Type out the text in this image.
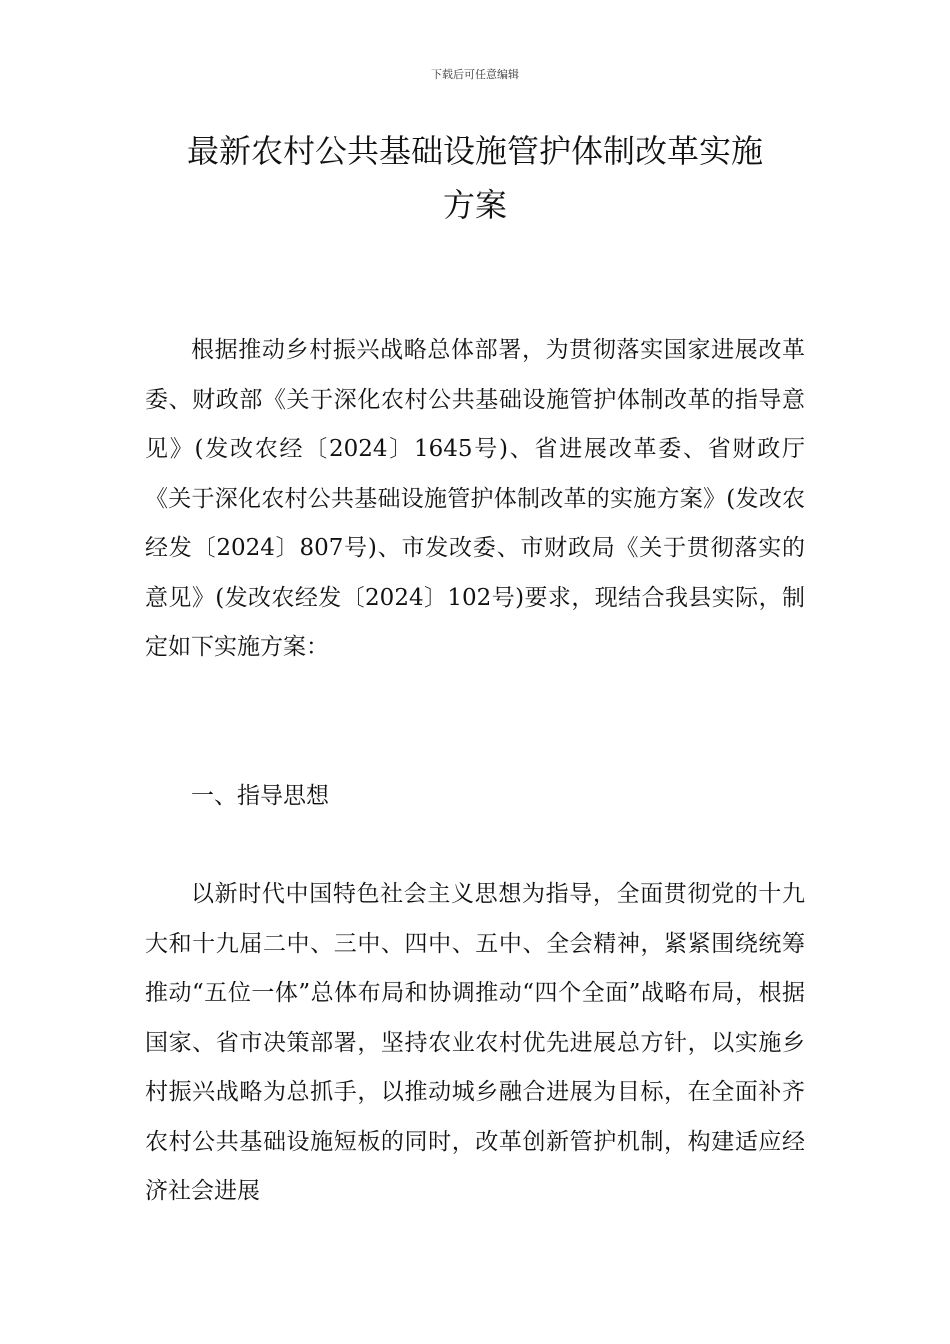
下载后可任意编辑
最新农村公共基础设施管护体制改革实施
方案

根据推动乡村振兴战略总体部署，为贯彻落实国家进展改革委、财政部《关于深化农村公共基础设施管护体制改革的指导意见》(发改农经〔2024〕1645号)、省进展改革委、省财政厅《关于深化农村公共基础设施管护体制改革的实施方案》(发改农经发〔2024〕807号)、市发改委、市财政局《关于贯彻落实的意见》(发改农经发〔2024〕102号)要求，现结合我县实际，制定如下实施方案：

一、指导思想

以新时代中国特色社会主义思想为指导，全面贯彻党的十九大和十九届二中、三中、四中、五中、全会精神，紧紧围绕统筹推动“五位一体”总体布局和协调推动“四个全面”战略布局，根据国家、省市决策部署，坚持农业农村优先进展总方针，以实施乡村振兴战略为总抓手，以推动城乡融合进展为目标，在全面补齐农村公共基础设施短板的同时，改革创新管护机制，构建适应经济社会进展
